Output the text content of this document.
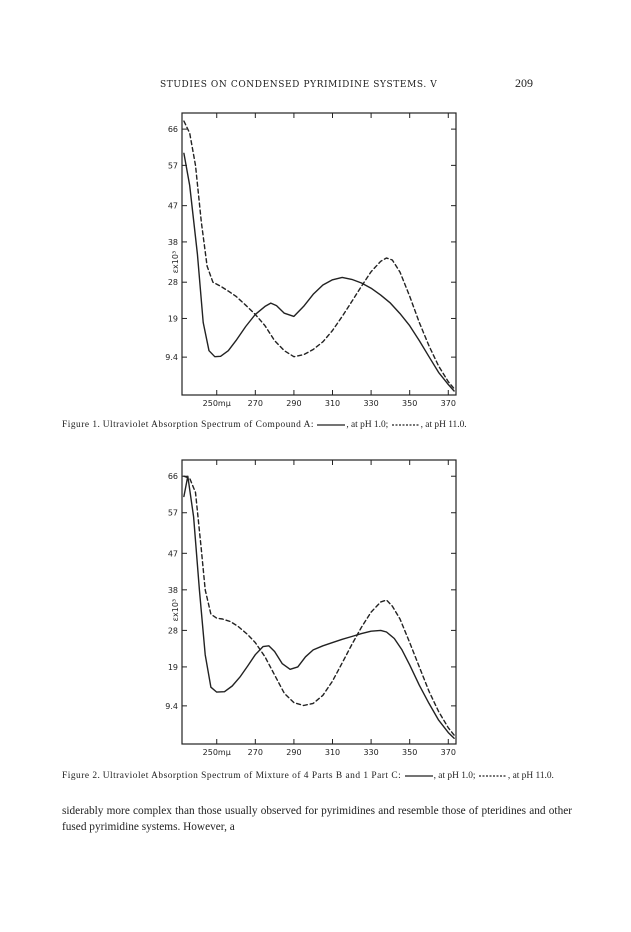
STUDIES ON CONDENSED PYRIMIDINE SYSTEMS. V	209
9.4
19
28
38
47
57
66
250mμ 270	290	310	330	350	370
εx10³
Figure 1. Ultraviolet Absorption Spectrum of Compound A:	, at pH 1.0;	, at pH 11.0.
9.4
19
28
38
47
57
66
250mμ 270	290	310	330	350	370
εx10³
Figure 2. Ultraviolet Absorption Spectrum of Mixture of 4 Parts B and 1 Part C:	, at pH 1.0;	, at pH 11.0.
siderably more complex than those usually observed for pyrimidines and resemble those of pteridines and other fused pyrimidine systems. However, a
